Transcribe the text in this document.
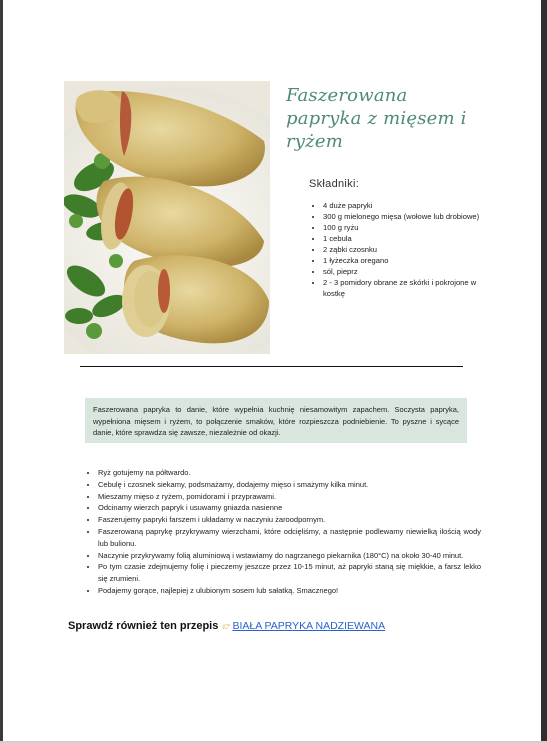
Faszerowana papryka z mięsem i ryżem
Składniki:
• 4 duże papryki
• 300 g mielonego mięsa (wołowe lub drobiowe)
• 100 g ryżu
• 1 cebula
• 2 ząbki czosnku
• 1 łyżeczka oregano
• sól, pieprz
• 2 - 3 pomidory obrane ze skórki i pokrojone w kostkę
Faszerowana papryka to danie, które wypełnia kuchnię niesamowitym zapachem. Soczysta papryka, wypełniona mięsem i ryżem, to połączenie smaków, które rozpieszcza podniebienie. To pyszne i sycące danie, które sprawdza się zawsze, niezależnie od okazji.
• Ryż gotujemy na półtwardo.
• Cebulę i czosnek siekamy, podsmażamy, dodajemy mięso i smażymy kilka minut.
• Mieszamy mięso z ryżem, pomidorami i przyprawami.
• Odcinamy wierzch papryk i usuwamy gniazda nasienne
• Faszerujemy papryki farszem i układamy w naczyniu żaroodpornym.
• Faszerowaną paprykę przykrywamy wierzchami, które odcięliśmy, a następnie podlewamy niewielką ilością wody lub bulionu.
• Naczynie przykrywamy folią aluminiową i wstawiamy do nagrzanego piekarnika (180°C) na około 30-40 minut.
• Po tym czasie zdejmujemy folię i pieczemy jeszcze przez 10-15 minut, aż papryki staną się miękkie, a farsz lekko się zrumieni.
• Podajemy gorące, najlepiej z ulubionym sosem lub sałatką. Smacznego!
Sprawdź również ten przepis 👉︎ BIAŁA PAPRYKA NADZIEWANA
